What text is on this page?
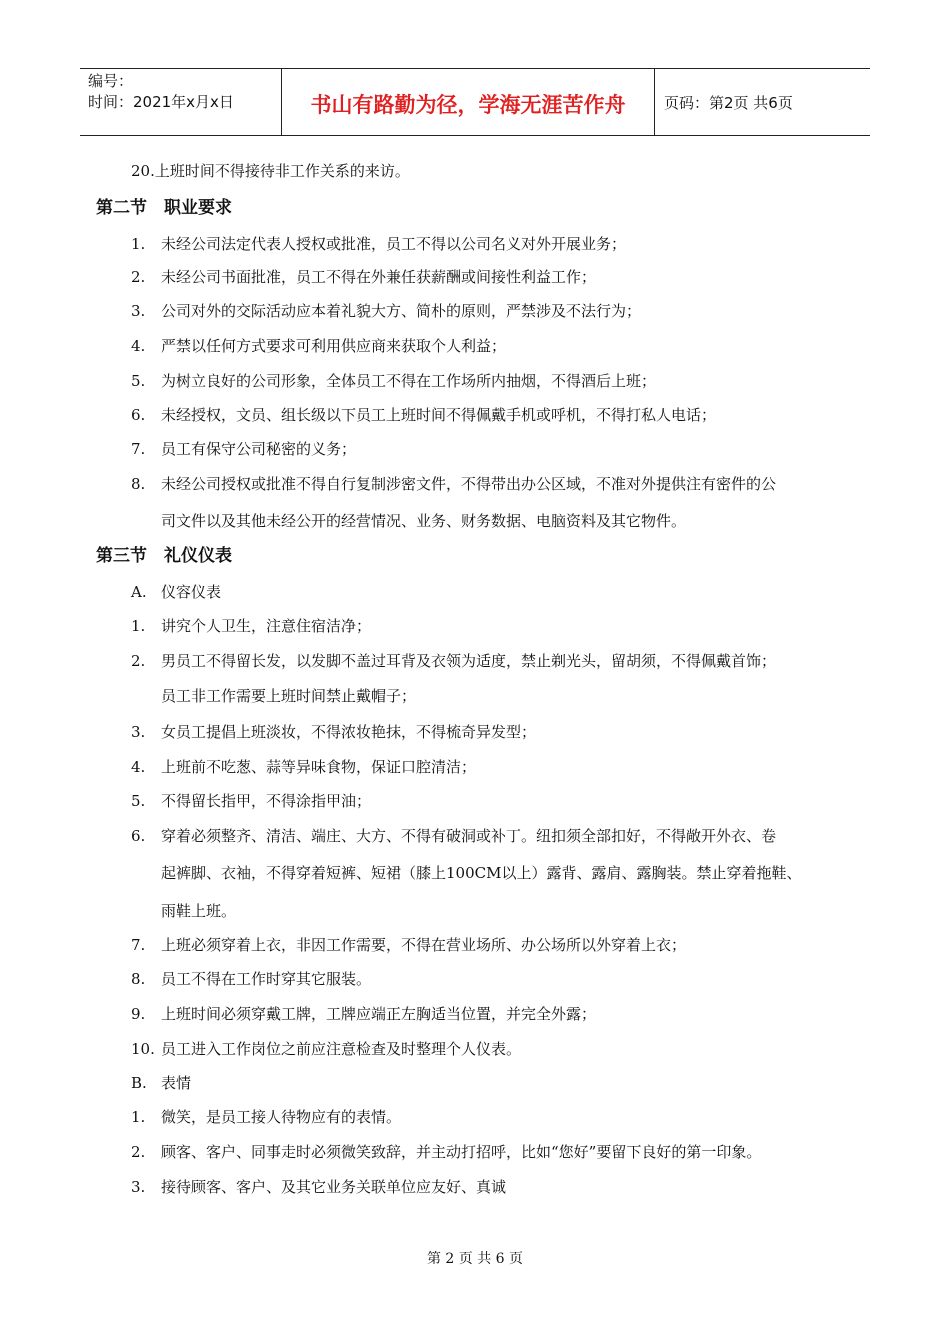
编号：
时间：2021年x月x日	书山有路勤为径，学海无涯苦作舟	页码：第2页 共6页
20.上班时间不得接待非工作关系的来访。
第二节　职业要求
1. 未经公司法定代表人授权或批准，员工不得以公司名义对外开展业务；
2. 未经公司书面批准，员工不得在外兼任获薪酬或间接性利益工作；
3. 公司对外的交际活动应本着礼貌大方、简朴的原则，严禁涉及不法行为；
4. 严禁以任何方式要求可利用供应商来获取个人利益；
5. 为树立良好的公司形象，全体员工不得在工作场所内抽烟，不得酒后上班；
6. 未经授权，文员、组长级以下员工上班时间不得佩戴手机或呼机，不得打私人电话；
7. 员工有保守公司秘密的义务；
8. 未经公司授权或批准不得自行复制涉密文件，不得带出办公区域，不准对外提供注有密件的公
司文件以及其他未经公开的经营情况、业务、财务数据、电脑资料及其它物件。
第三节　礼仪仪表
A. 仪容仪表
1. 讲究个人卫生，注意住宿洁净；
2. 男员工不得留长发，以发脚不盖过耳背及衣领为适度，禁止剃光头，留胡须，不得佩戴首饰；
员工非工作需要上班时间禁止戴帽子；
3. 女员工提倡上班淡妆，不得浓妆艳抹，不得梳奇异发型；
4. 上班前不吃葱、蒜等异味食物，保证口腔清洁；
5. 不得留长指甲，不得涂指甲油；
6. 穿着必须整齐、清洁、端庄、大方、不得有破洞或补丁。纽扣须全部扣好，不得敞开外衣、卷
起裤脚、衣袖，不得穿着短裤、短裙（膝上100CM以上）露背、露肩、露胸装。禁止穿着拖鞋、
雨鞋上班。
7. 上班必须穿着上衣，非因工作需要，不得在营业场所、办公场所以外穿着上衣；
8. 员工不得在工作时穿其它服装。
9. 上班时间必须穿戴工牌，工牌应端正左胸适当位置，并完全外露；
10. 员工进入工作岗位之前应注意检查及时整理个人仪表。
B. 表情
1. 微笑，是员工接人待物应有的表情。
2. 顾客、客户、同事走时必须微笑致辞，并主动打招呼，比如“您好”要留下良好的第一印象。
3. 接待顾客、客户、及其它业务关联单位应友好、真诚
第 2 页 共 6 页
